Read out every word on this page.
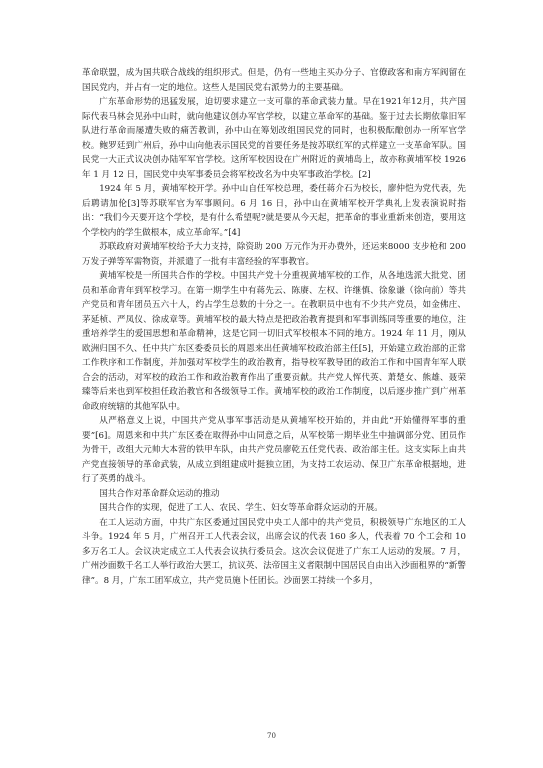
革命联盟，成为国共联合战线的组织形式。但是，仍有一些地主买办分子、官僚政客和南方军阀留在国民党内，并占有一定的地位。这些人是国民党右派势力的主要基础。

广东革命形势的迅猛发展，迫切要求建立一支可靠的革命武装力量。早在1921年12月，共产国际代表马林会见孙中山时，就向他建议创办军官学校，以建立革命军的基础。鉴于过去长期依靠旧军队进行革命而屡遭失败的痛苦教训，孙中山在筹划改组国民党的同时，也积极酝酿创办一所军官学校。鲍罗廷到广州后，孙中山向他表示国民党的首要任务是按苏联红军的式样建立一支革命军队。国民党一大正式议决创办陆军军官学校。这所军校因设在广州附近的黄埔岛上，故亦称黄埔军校 1926 年 1 月 12 日，国民党中央军事委员会将军校改名为中央军事政治学校。[2]

1924 年 5 月，黄埔军校开学。孙中山自任军校总理，委任蒋介石为校长，廖仲恺为党代表，先后聘请加伦[3]等苏联军官为军事顾问。6 月 16 日，孙中山在黄埔军校开学典礼上发表演说时指出：“我们今天要开这个学校，是有什么希望呢?就是要从今天起，把革命的事业重新来创造，要用这个学校内的学生做根本，成立革命军。”[4]

苏联政府对黄埔军校给予大力支持，除资助 200 万元作为开办费外，还运来8000 支步枪和 200 万发子弹等军需物资，并派遣了一批有丰富经验的军事教官。

黄埔军校是一所国共合作的学校。中国共产党十分重视黄埔军校的工作，从各地选派大批党、团员和革命青年到军校学习。在第一期学生中有蒋先云、陈赓、左权、许继慎、徐象谦（徐向前）等共产党员和青年团员五六十人，约占学生总数的十分之一。在教职员中也有不少共产党员，如金佛庄、茅延桢、严凤仪、徐成章等。黄埔军校的最大特点是把政治教育提到和军事训练同等重要的地位，注重培养学生的爱国思想和革命精神，这是它同一切旧式军校根本不同的地方。1924 年 11 月，刚从欧洲归国不久、任中共广东区委委员长的周恩来出任黄埔军校政治部主任[5]，开始建立政治部的正常工作秩序和工作制度，并加强对军校学生的政治教育，指导校军教导团的政治工作和中国青年军人联合会的活动，对军校的政治工作和政治教育作出了重要贡献。共产党人恽代英、萧楚女、熊雄、聂荣臻等后来也到军校担任政治教官和各级领导工作。黄埔军校的政治工作制度，以后逐步推广到广州革命政府统辖的其他军队中。

从严格意义上说，中国共产党从事军事活动是从黄埔军校开始的，并由此“开始懂得军事的重要”[6]。周恩来和中共广东区委在取得孙中山同意之后，从军校第一期毕业生中抽调部分党、团员作为骨干，改组大元帅大本营的铁甲车队，由共产党员廖乾五任党代表、政治部主任。这支实际上由共产党直接领导的革命武装，从成立到组建成叶挺独立团，为支持工农运动、保卫广东革命根据地，进行了英勇的战斗。

国共合作对革命群众运动的推动

国共合作的实现，促进了工人、农民、学生、妇女等革命群众运动的开展。

在工人运动方面，中共广东区委通过国民党中央工人部中的共产党员，积极领导广东地区的工人斗争。1924 年 5 月，广州召开工人代表会议，出席会议的代表 160 多人，代表着 70 个工会和 10 多万名工人。会议决定成立工人代表会议执行委员会。这次会议促进了广东工人运动的发展。7 月，广州沙面数千名工人举行政治大罢工，抗议英、法帝国主义者限制中国居民自由出入沙面租界的“新警律”。8 月，广东工团军成立，共产党员施卜任团长。沙面罢工持续一个多月，

70
